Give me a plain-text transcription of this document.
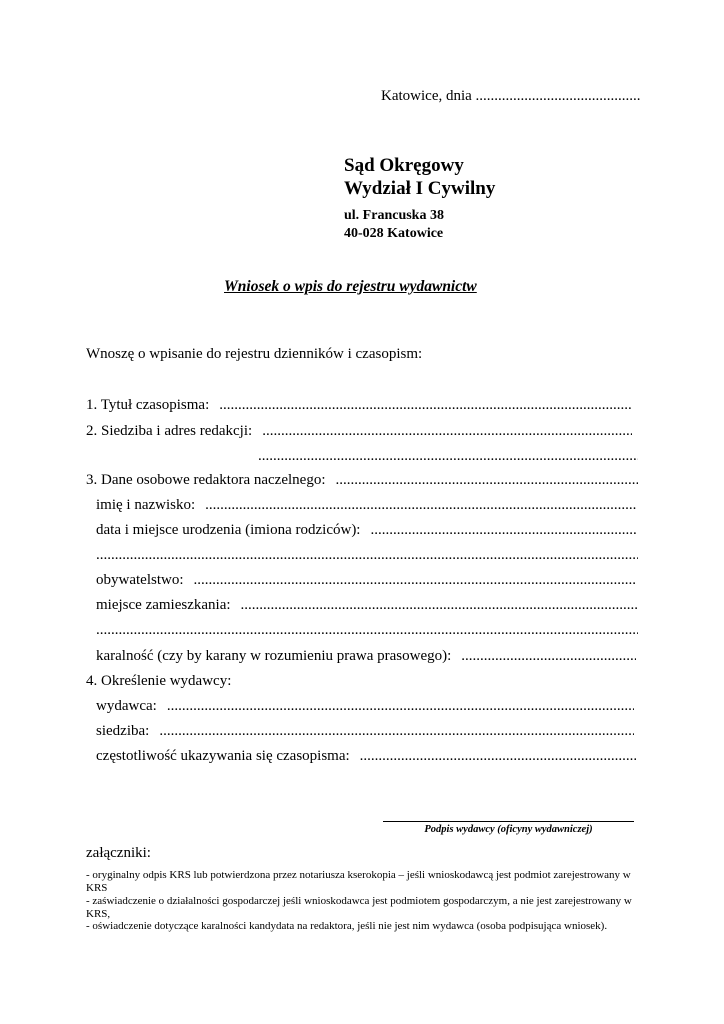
Katowice, dnia ............................................
Sąd Okręgowy
Wydział I Cywilny
ul. Francuska 38
40-028 Katowice
Wniosek o wpis do rejestru wydawnictw
Wnoszę o wpisanie do rejestru dzienników i czasopism:
1. Tytuł czasopisma:
.....
2. Siedziba i adres redakcji:
.....
.....
3. Dane osobowe redaktora naczelnego:
.....
imię i nazwisko:
.....
data i miejsce urodzenia (imiona rodziców):
.....
.....
obywatelstwo:
.....
miejsce zamieszkania:
.....
.....
karalność (czy by karany w rozumieniu prawa prasowego):
.....
4. Określenie wydawcy:
wydawca:
.....
siedziba:
.....
częstotliwość ukazywania się czasopisma:
.....
Podpis wydawcy (oficyny wydawniczej)
załączniki:
- oryginalny odpis KRS lub potwierdzona przez notariusza kserokopia – jeśli wnioskodawcą jest podmiot zarejestrowany w KRS
- zaświadczenie o działalności gospodarczej jeśli wnioskodawca jest podmiotem gospodarczym, a nie jest zarejestrowany w KRS,
- oświadczenie dotyczące karalności kandydata na redaktora, jeśli nie jest nim wydawca (osoba podpisująca wniosek).
